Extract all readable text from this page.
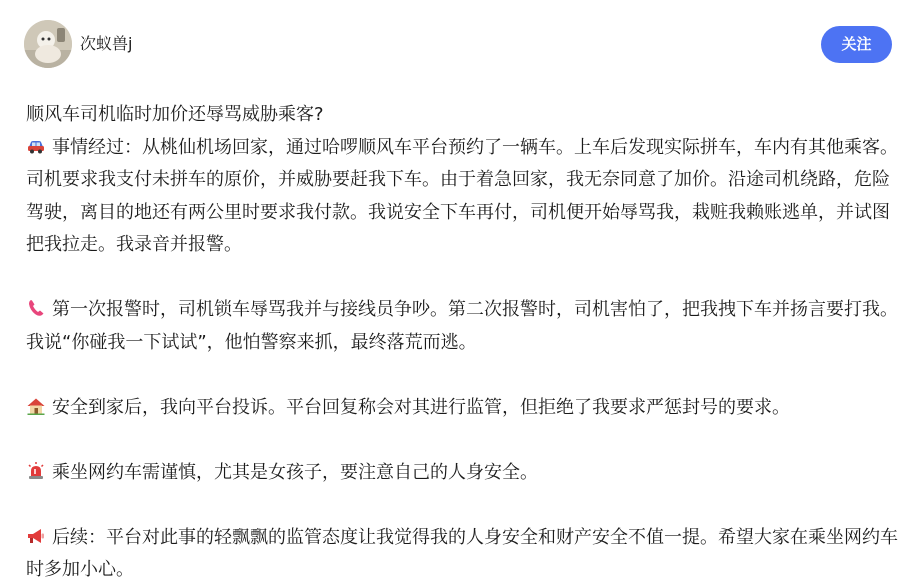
次蚁兽j	关注

顺风车司机临时加价还辱骂威胁乘客?

事情经过：从桃仙机场回家，通过哈啰顺风车平台预约了一辆车。上车后发现实际拼车，车内有其他乘客。司机要求我支付未拼车的原价，并威胁要赶我下车。由于着急回家，我无奈同意了加价。沿途司机绕路，危险驾驶，离目的地还有两公里时要求我付款。我说安全下车再付，司机便开始辱骂我，栽赃我赖账逃单，并试图把我拉走。我录音并报警。

第一次报警时，司机锁车辱骂我并与接线员争吵。第二次报警时，司机害怕了，把我拽下车并扬言要打我。我说“你碰我一下试试”，他怕警察来抓，最终落荒而逃。

安全到家后，我向平台投诉。平台回复称会对其进行监管，但拒绝了我要求严惩封号的要求。

乘坐网约车需谨慎，尤其是女孩子，要注意自己的人身安全。

后续：平台对此事的轻飘飘的监管态度让我觉得我的人身安全和财产安全不值一提。希望大家在乘坐网约车时多加小心。
